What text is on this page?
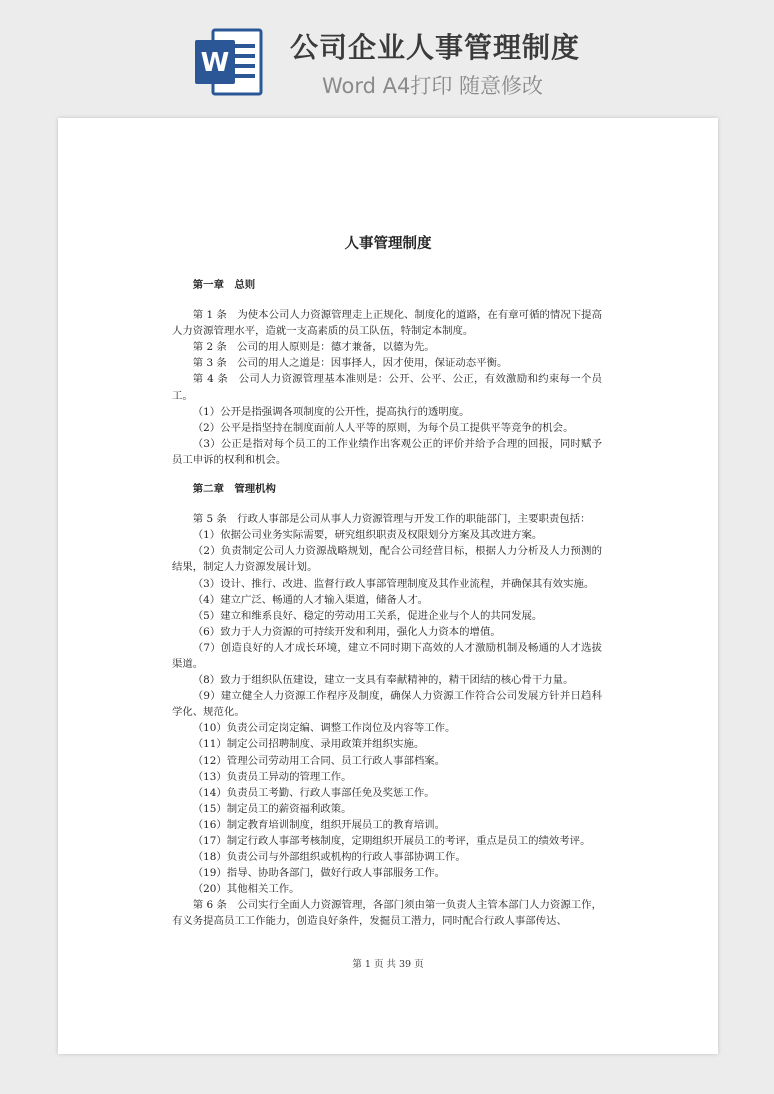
W 公司企业人事管理制度
Word A4打印 随意修改
人事管理制度

第一章　总则

第 1 条　为使本公司人力资源管理走上正规化、制度化的道路，在有章可循的情况下提高人力资源管理水平，造就一支高素质的员工队伍，特制定本制度。

第 2 条　公司的用人原则是：德才兼备，以德为先。

第 3 条　公司的用人之道是：因事择人，因才使用，保证动态平衡。

第 4 条　公司人力资源管理基本准则是：公开、公平、公正，有效激励和约束每一个员工。

（1）公开是指强调各项制度的公开性，提高执行的透明度。

（2）公平是指坚持在制度面前人人平等的原则，为每个员工提供平等竞争的机会。

（3）公正是指对每个员工的工作业绩作出客观公正的评价并给予合理的回报，同时赋予员工申诉的权利和机会。

第二章　管理机构

第 5 条　行政人事部是公司从事人力资源管理与开发工作的职能部门，主要职责包括：

（1）依据公司业务实际需要，研究组织职责及权限划分方案及其改进方案。

（2）负责制定公司人力资源战略规划，配合公司经营目标，根据人力分析及人力预测的结果，制定人力资源发展计划。

（3）设计、推行、改进、监督行政人事部管理制度及其作业流程，并确保其有效实施。

（4）建立广泛、畅通的人才输入渠道，储备人才。

（5）建立和维系良好、稳定的劳动用工关系，促进企业与个人的共同发展。

（6）致力于人力资源的可持续开发和利用，强化人力资本的增值。

（7）创造良好的人才成长环境，建立不同时期下高效的人才激励机制及畅通的人才选拔渠道。

（8）致力于组织队伍建设，建立一支具有奉献精神的，精干团结的核心骨干力量。

（9）建立健全人力资源工作程序及制度，确保人力资源工作符合公司发展方针并日趋科学化、规范化。

（10）负责公司定岗定编、调整工作岗位及内容等工作。

（11）制定公司招聘制度、录用政策并组织实施。

（12）管理公司劳动用工合同、员工行政人事部档案。

（13）负责员工异动的管理工作。

（14）负责员工考勤、行政人事部任免及奖惩工作。

（15）制定员工的薪资福利政策。

（16）制定教育培训制度，组织开展员工的教育培训。

（17）制定行政人事部考核制度，定期组织开展员工的考评，重点是员工的绩效考评。

（18）负责公司与外部组织或机构的行政人事部协调工作。

（19）指导、协助各部门，做好行政人事部服务工作。

（20）其他相关工作。

第 6 条　公司实行全面人力资源管理，各部门须由第一负责人主管本部门人力资源工作，有义务提高员工工作能力，创造良好条件，发掘员工潜力，同时配合行政人事部传达、

第 1 页 共 39 页
